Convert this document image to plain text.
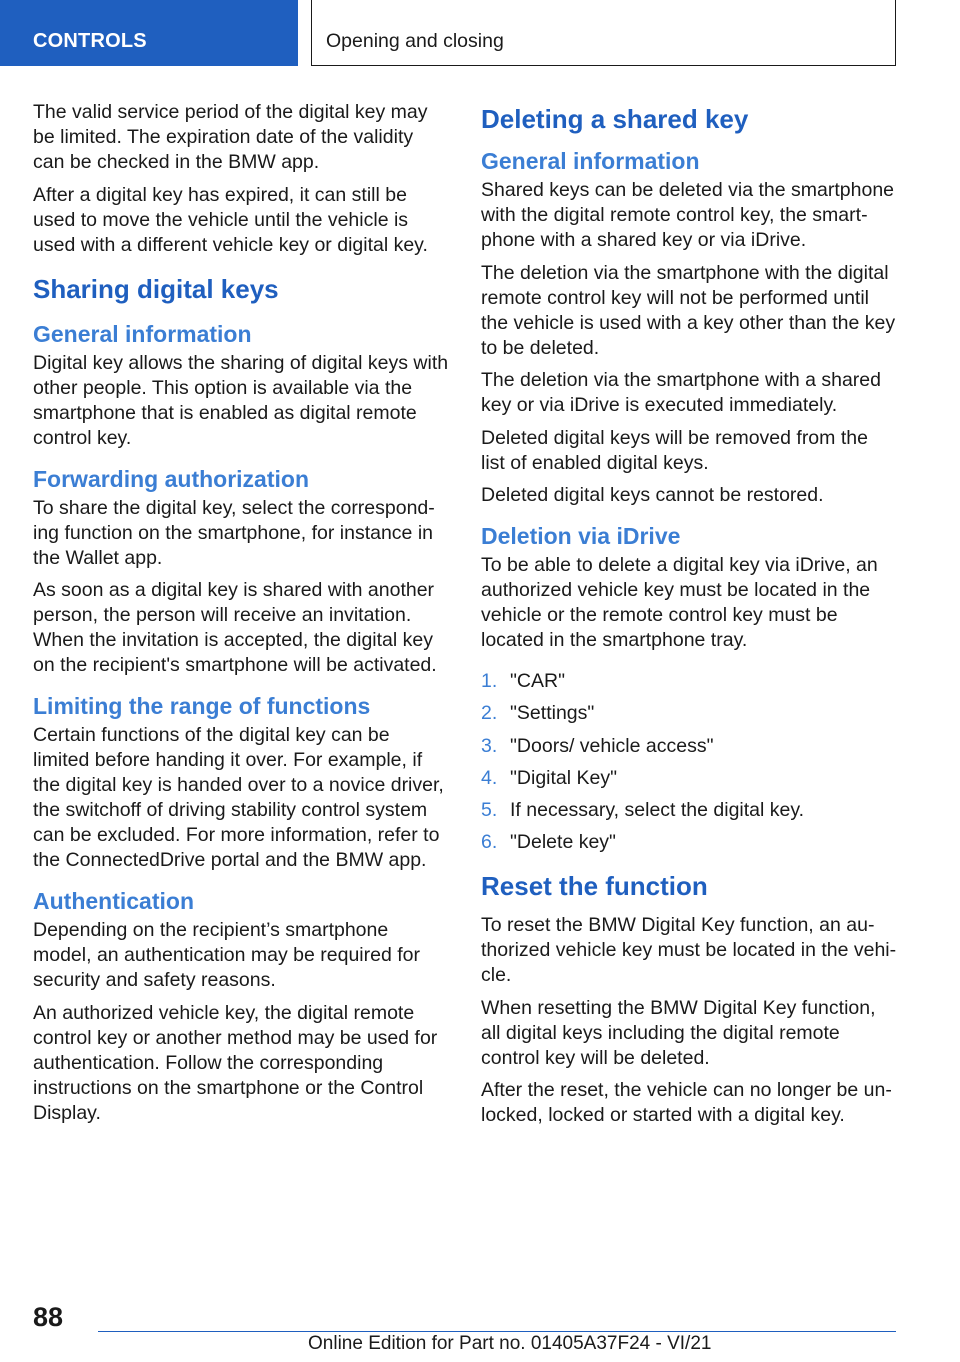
CONTROLS	Opening and closing

The valid service period of the digital key may be limited. The expiration date of the validity can be checked in the BMW app.

After a digital key has expired, it can still be used to move the vehicle until the vehicle is used with a different vehicle key or digital key.

Sharing digital keys
General information

Digital key allows the sharing of digital keys with other people. This option is available via the smartphone that is enabled as digital remote control key.

Forwarding authorization

To share the digital key, select the corresponding function on the smartphone, for instance in the Wallet app.

As soon as a digital key is shared with another person, the person will receive an invitation. When the invitation is accepted, the digital key on the recipient's smartphone will be activated.

Limiting the range of functions

Certain functions of the digital key can be limited before handing it over. For example, if the digital key is handed over to a novice driver, the switchoff of driving stability control system can be excluded. For more information, refer to the ConnectedDrive portal and the BMW app.

Authentication

Depending on the recipient’s smartphone model, an authentication may be required for security and safety reasons.

An authorized vehicle key, the digital remote control key or another method may be used for authentication. Follow the corresponding instructions on the smartphone or the Control Display.

Deleting a shared key
General information

Shared keys can be deleted via the smartphone with the digital remote control key, the smartphone with a shared key or via iDrive.

The deletion via the smartphone with the digital remote control key will not be performed until the vehicle is used with a key other than the key to be deleted.

The deletion via the smartphone with a shared key or via iDrive is executed immediately.

Deleted digital keys will be removed from the list of enabled digital keys.

Deleted digital keys cannot be restored.

Deletion via iDrive

To be able to delete a digital key via iDrive, an authorized vehicle key must be located in the vehicle or the remote control key must be located in the smartphone tray.

1. "CAR"
2. "Settings"
3. "Doors/ vehicle access"
4. "Digital Key"
5. If necessary, select the digital key.
6. "Delete key"
Reset the function

To reset the BMW Digital Key function, an authorized vehicle key must be located in the vehicle.

When resetting the BMW Digital Key function, all digital keys including the digital remote control key will be deleted.

After the reset, the vehicle can no longer be unlocked, locked or started with a digital key.

88
Online Edition for Part no. 01405A37F24 - VI/21
